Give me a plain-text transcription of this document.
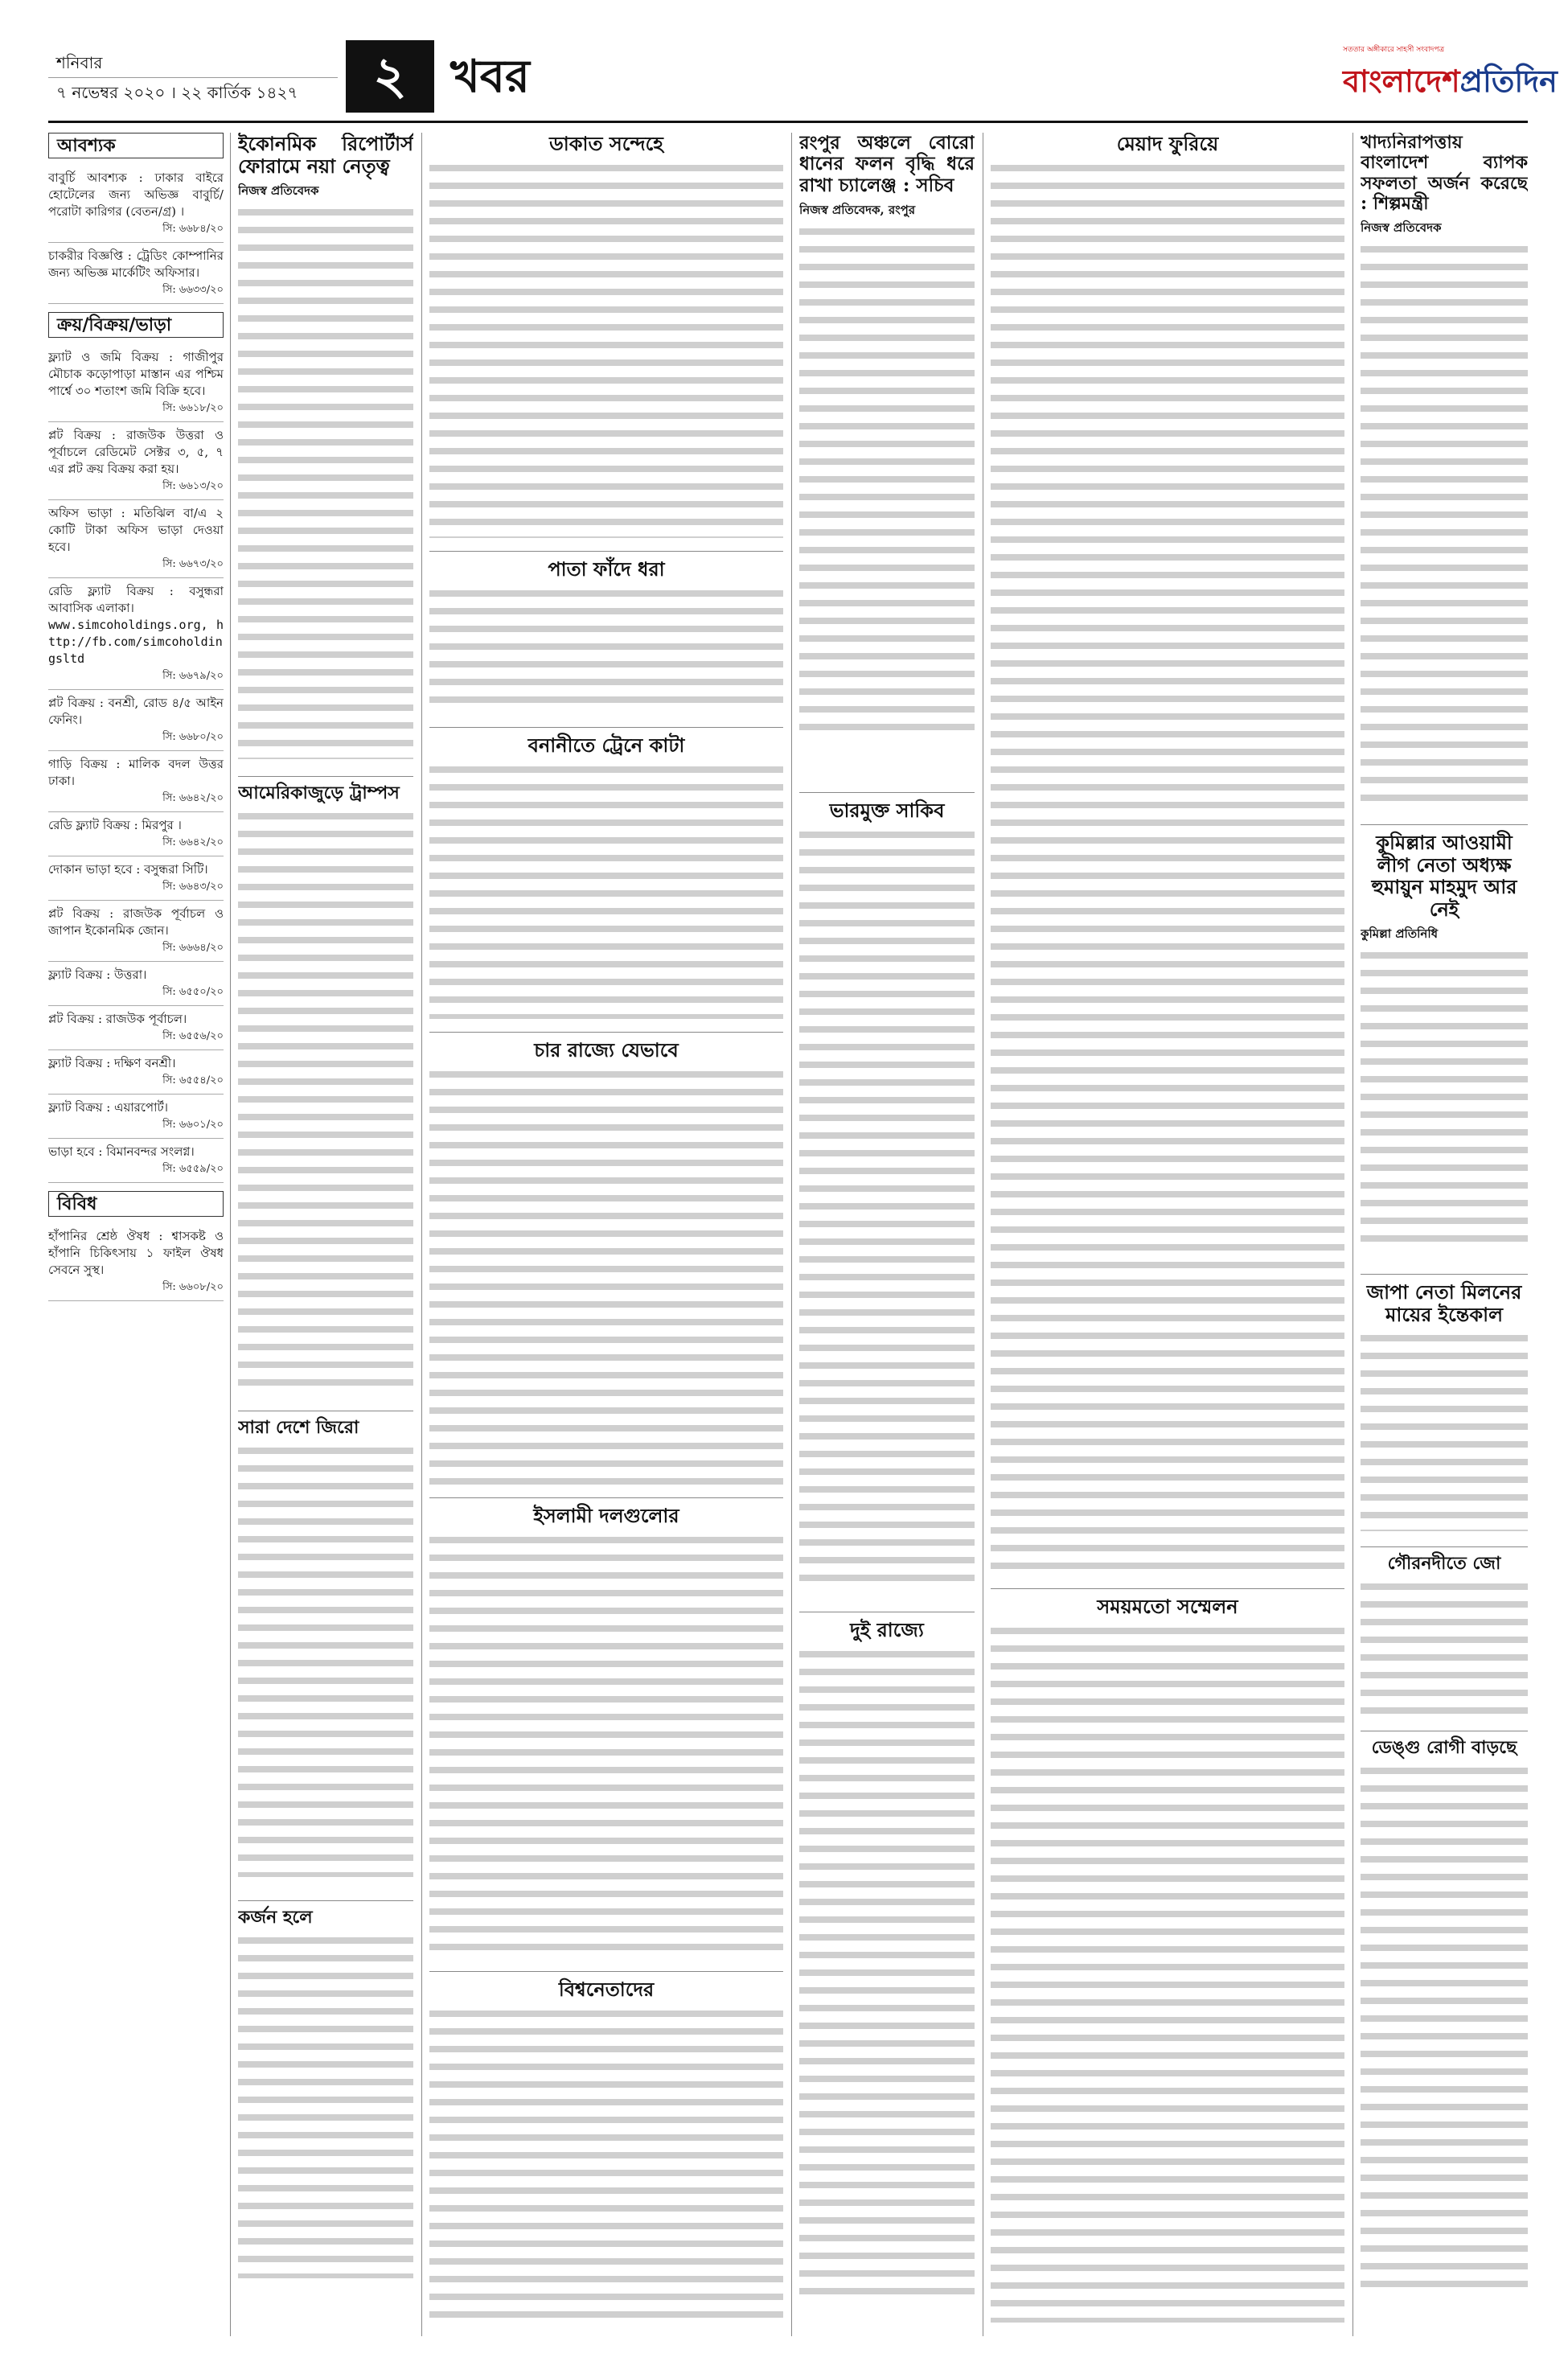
শনিবার
৭ নভেম্বর ২০২০ । ২২ কার্তিক ১৪২৭	২ খবর	সততার অঙ্গীকারে সাহসী সংবাদপত্র
বাংলাদেশপ্রতিদিন
আবশ্যক
বাবুর্চি আবশ্যক : ঢাকার বাইরে হোটেলের জন্য অভিজ্ঞ বাবুর্চি/ পরোটা কারিগর (বেতন/গ্র) ।
সি: ৬৬৮৪/২০
চাকরীর বিজ্ঞপ্তি : ট্রেডিং কোম্পানির জন্য অভিজ্ঞ মার্কেটিং অফিসার।
সি: ৬৬৩৩/২০
ক্রয়/বিক্রয়/ভাড়া
ফ্ল্যাট ও জমি বিক্রয় : গাজীপুর মৌচাক কড়োপাড়া মাস্তান এর পশ্চিম পার্শ্বে ৩০ শতাংশ জমি বিক্রি হবে।
সি: ৬৬১৮/২০
প্লট বিক্রয় : রাজউক উত্তরা ও পূর্বাচলে রেডিমেট সেক্টর ৩, ৫, ৭ এর প্লট ক্রয় বিক্রয় করা হয়।
সি: ৬৬১৩/২০
অফিস ভাড়া : মতিঝিল বা/এ ২ কোটি টাকা অফিস ভাড়া দেওয়া হবে।
সি: ৬৬৭৩/২০
রেডি ফ্ল্যাট বিক্রয় : বসুন্ধরা আবাসিক এলাকা।
www.simcoholdings.org, http://fb.com/simcoholdingsltd
সি: ৬৬৭৯/২০
প্লট বিক্রয় : বনশ্রী, রোড ৪/৫ আইন ফেনিং।
সি: ৬৬৮০/২০
গাড়ি বিক্রয় : মালিক বদল উত্তর ঢাকা।
সি: ৬৬৪২/২০
রেডি ফ্ল্যাট বিক্রয় : মিরপুর ।
সি: ৬৬৪২/২০
দোকান ভাড়া হবে : বসুন্ধরা সিটি।
সি: ৬৬৪৩/২০
প্লট বিক্রয় : রাজউক পূর্বাচল ও জাপান ইকোনমিক জোন।
সি: ৬৬৬৪/২০
ফ্ল্যাট বিক্রয় : উত্তরা।
সি: ৬৫৫০/২০
প্লট বিক্রয় : রাজউক পূর্বাচল।
সি: ৬৫৫৬/২০
ফ্ল্যাট বিক্রয় : দক্ষিণ বনশ্রী।
সি: ৬৫৫৪/২০
ফ্ল্যাট বিক্রয় : এয়ারপোর্ট।
সি: ৬৬০১/২০
ভাড়া হবে : বিমানবন্দর সংলগ্ন।
সি: ৬৫৫৯/২০
বিবিধ
হাঁপানির শ্রেষ্ঠ ঔষধ : শ্বাসকষ্ট ও হাঁপানি চিকিৎসায় ১ ফাইল ঔষধ সেবনে সুস্থ।
সি: ৬৬০৮/২০
ইকোনমিক রিপোর্টার্স ফোরামে নয়া নেতৃত্ব
নিজস্ব প্রতিবেদক
আমেরিকাজুড়ে ট্রাম্পস
সারা দেশে জিরো
কর্জন হলে
ডাকাত সন্দেহে
পাতা ফাঁদে ধরা
বনানীতে ট্রেনে কাটা
চার রাজ্যে যেভাবে
ইসলামী দলগুলোর
বিশ্বনেতাদের
রংপুর অঞ্চলে বোরো ধানের ফলন বৃদ্ধি ধরে রাখা চ্যালেঞ্জ : সচিব
নিজস্ব প্রতিবেদক, রংপুর
ভারমুক্ত সাকিব
দুই রাজ্যে
মেয়াদ ফুরিয়ে
সময়মতো সম্মেলন
খাদ্যনিরাপত্তায় বাংলাদেশ ব্যাপক সফলতা অর্জন করেছে : শিল্পমন্ত্রী
নিজস্ব প্রতিবেদক
কুমিল্লার আওয়ামী লীগ নেতা অধ্যক্ষ হুমায়ুন মাহমুদ আর নেই
কুমিল্লা প্রতিনিধি
জাপা নেতা মিলনের মায়ের ইন্তেকাল
গৌরনদীতে জো
ডেঙ্গু রোগী বাড়ছে
